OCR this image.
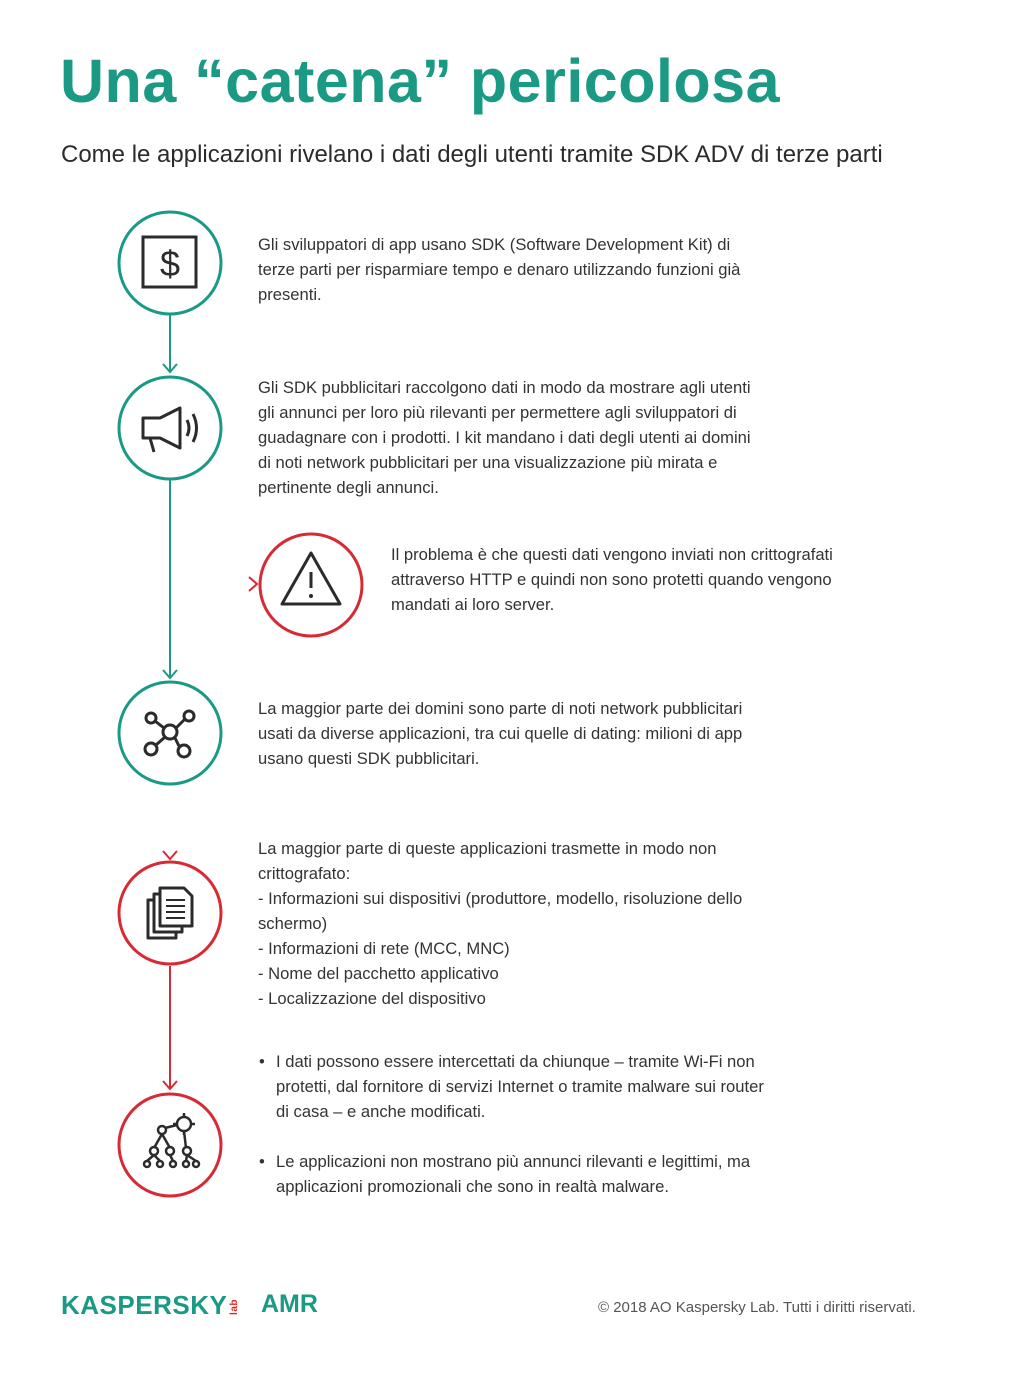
Una “catena” pericolosa

Come le applicazioni rivelano i dati degli utenti tramite SDK ADV di terze parti

$	Gli sviluppatori di app usano SDK (Software Development Kit) di
terze parti per risparmiare tempo e denaro utilizzando funzioni già
presenti.
Gli SDK pubblicitari raccolgono dati in modo da mostrare agli utenti
gli annunci per loro più rilevanti per permettere agli sviluppatori di
guadagnare con i prodotti. I kit mandano i dati degli utenti ai domini
di noti network pubblicitari per una visualizzazione più mirata e
pertinente degli annunci.
Il problema è che questi dati vengono inviati non crittografati
attraverso HTTP e quindi non sono protetti quando vengono
mandati ai loro server.
La maggior parte dei domini sono parte di noti network pubblicitari
usati da diverse applicazioni, tra cui quelle di dating: milioni di app
usano questi SDK pubblicitari.
La maggior parte di queste applicazioni trasmette in modo non
crittografato:
- Informazioni sui dispositivi (produttore, modello, risoluzione dello
schermo)
- Informazioni di rete (MCC, MNC)
- Nome del pacchetto applicativo
- Localizzazione del dispositivo
• I dati possono essere intercettati da chiunque – tramite Wi-Fi non
protetti, dal fornitore di servizi Internet o tramite malware sui router
di casa – e anche modificati.
• Le applicazioni non mostrano più annunci rilevanti e legittimi, ma
applicazioni promozionali che sono in realtà malware.
KASPERSKY lab AMR	© 2018 AO Kaspersky Lab. Tutti i diritti riservati.
